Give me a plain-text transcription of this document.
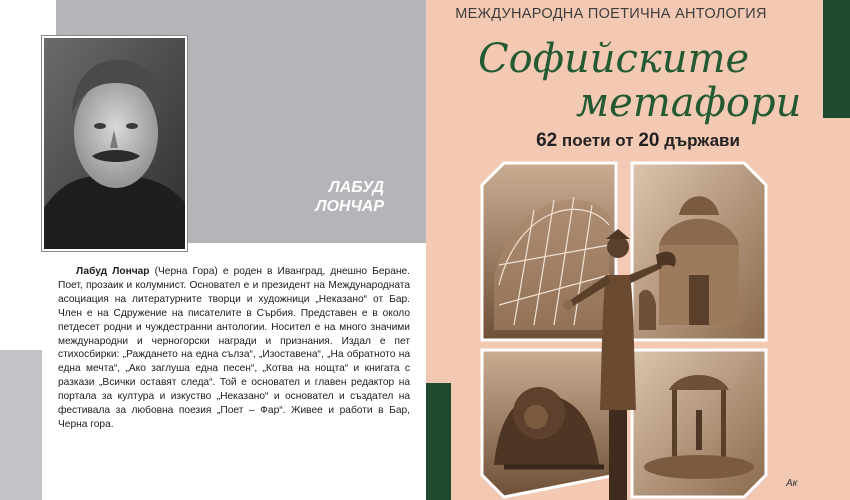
ЛАБУД
ЛОНЧАР
Лабуд Лончар (Черна Гора) е роден в Иванград, днешно Беране. Поет, прозаик и колумнист. Основател е и президент на Международната асоциация на литературните творци и художници „Неказано“ от Бар. Член е на Сдружение на писателите в Сърбия. Представен е в около петдесет родни и чуждестранни антологии. Носител е на много значими международни и черногорски награди и признания. Издал е пет стихосбирки: „Раждането на една сълза“, „Изоставена“, „На обратното на една мечта“, „Ако заглуша една песен“, „Котва на нощта“ и книгата с разкази „Всички оставят следа“. Той е основател и главен редактор на портала за култура и изкуство „Неказано“ и основател и създател на фестивала за любовна поезия „Поет – Фар“. Живее и работи в Бар, Черна гора.
МЕЖДУНАРОДНА ПОЕТИЧНА АНТОЛОГИЯ
Софийските
метафори
62 поети от 20 държави
Ак
